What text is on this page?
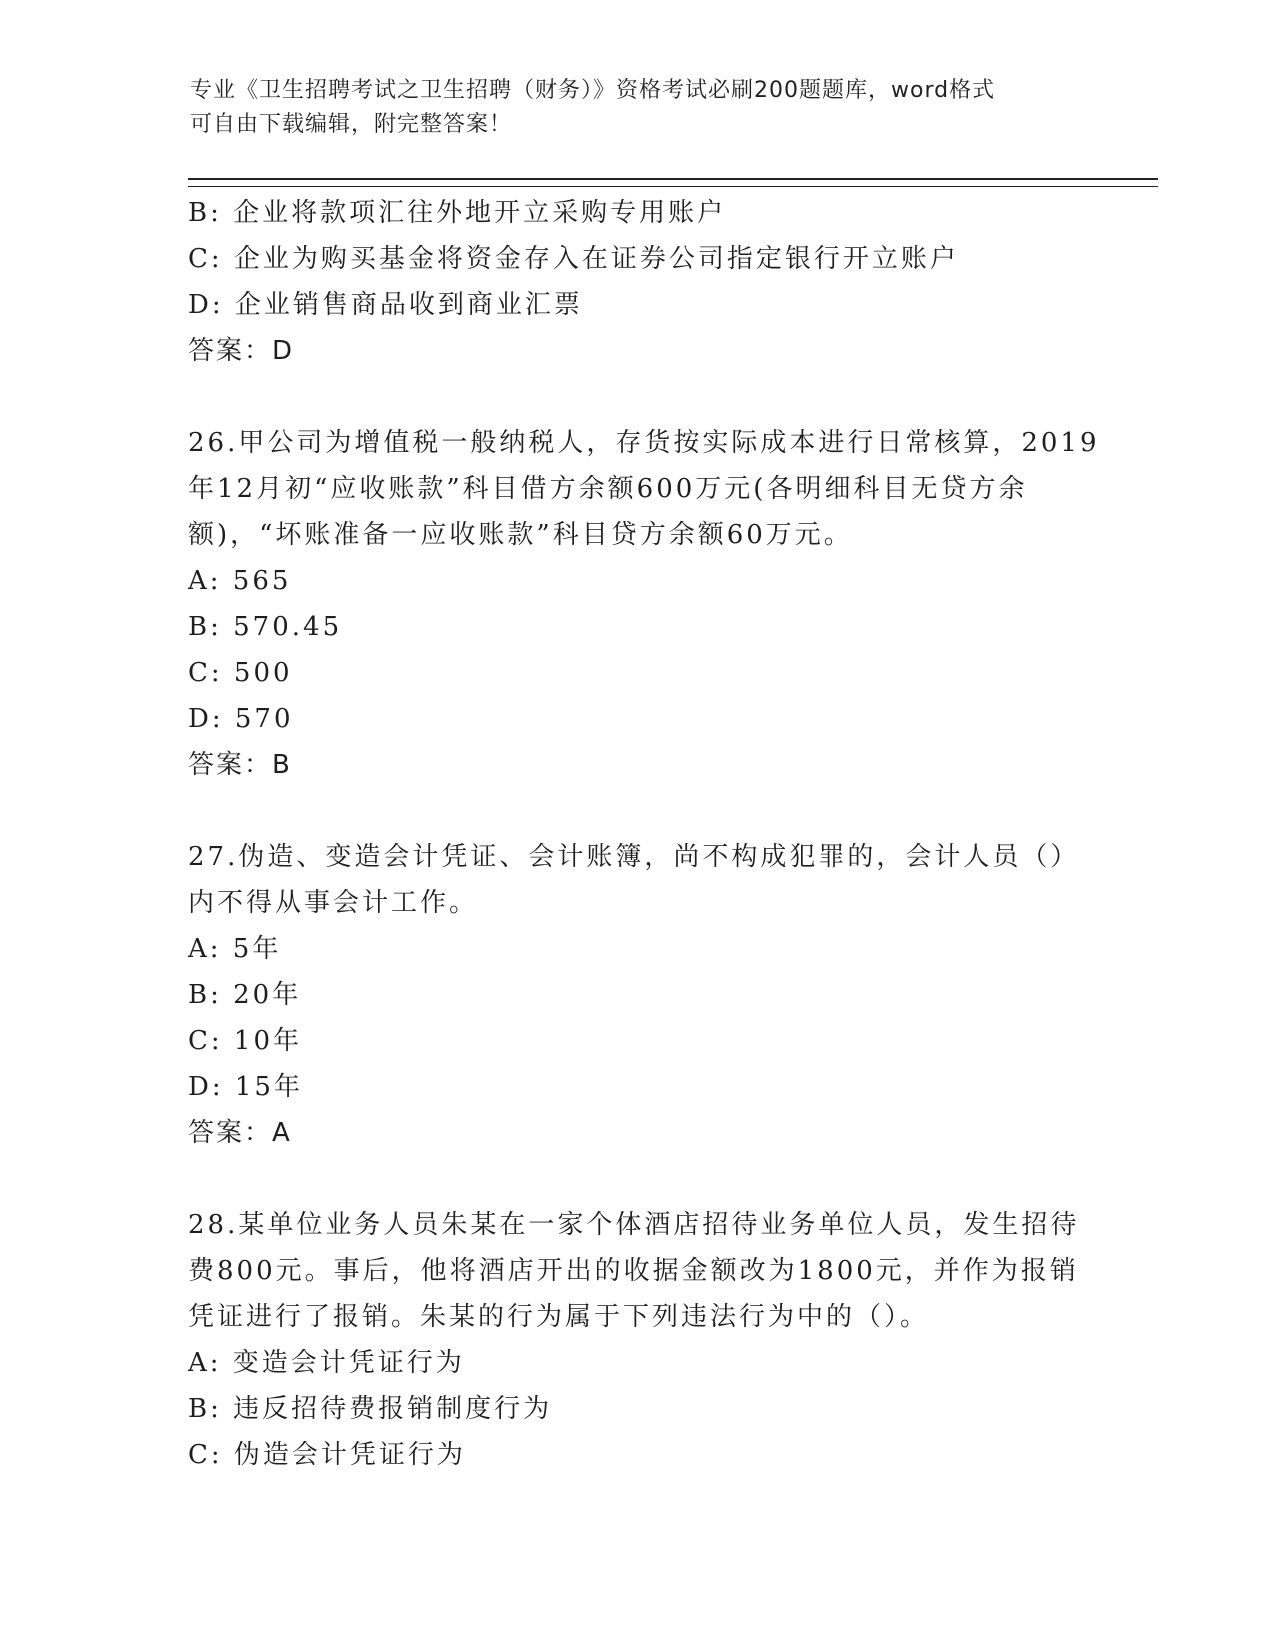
专业《卫生招聘考试之卫生招聘（财务）》资格考试必刷200题题库，word格式
可自由下载编辑，附完整答案！
B: 企业将款项汇往外地开立采购专用账户
C: 企业为购买基金将资金存入在证券公司指定银行开立账户
D: 企业销售商品收到商业汇票
答案：D
26.甲公司为增值税一般纳税人，存货按实际成本进行日常核算，2019
年12月初“应收账款”科目借方余额600万元(各明细科目无贷方余
额)，“坏账准备一应收账款”科目贷方余额60万元。
A: 565
B: 570.45
C: 500
D: 570
答案：B
27.伪造、变造会计凭证、会计账簿，尚不构成犯罪的，会计人员（）
内不得从事会计工作。
A: 5年
B: 20年
C: 10年
D: 15年
答案：A
28.某单位业务人员朱某在一家个体酒店招待业务单位人员，发生招待
费800元。事后，他将酒店开出的收据金额改为1800元，并作为报销
凭证进行了报销。朱某的行为属于下列违法行为中的（）。
A: 变造会计凭证行为
B: 违反招待费报销制度行为
C: 伪造会计凭证行为
